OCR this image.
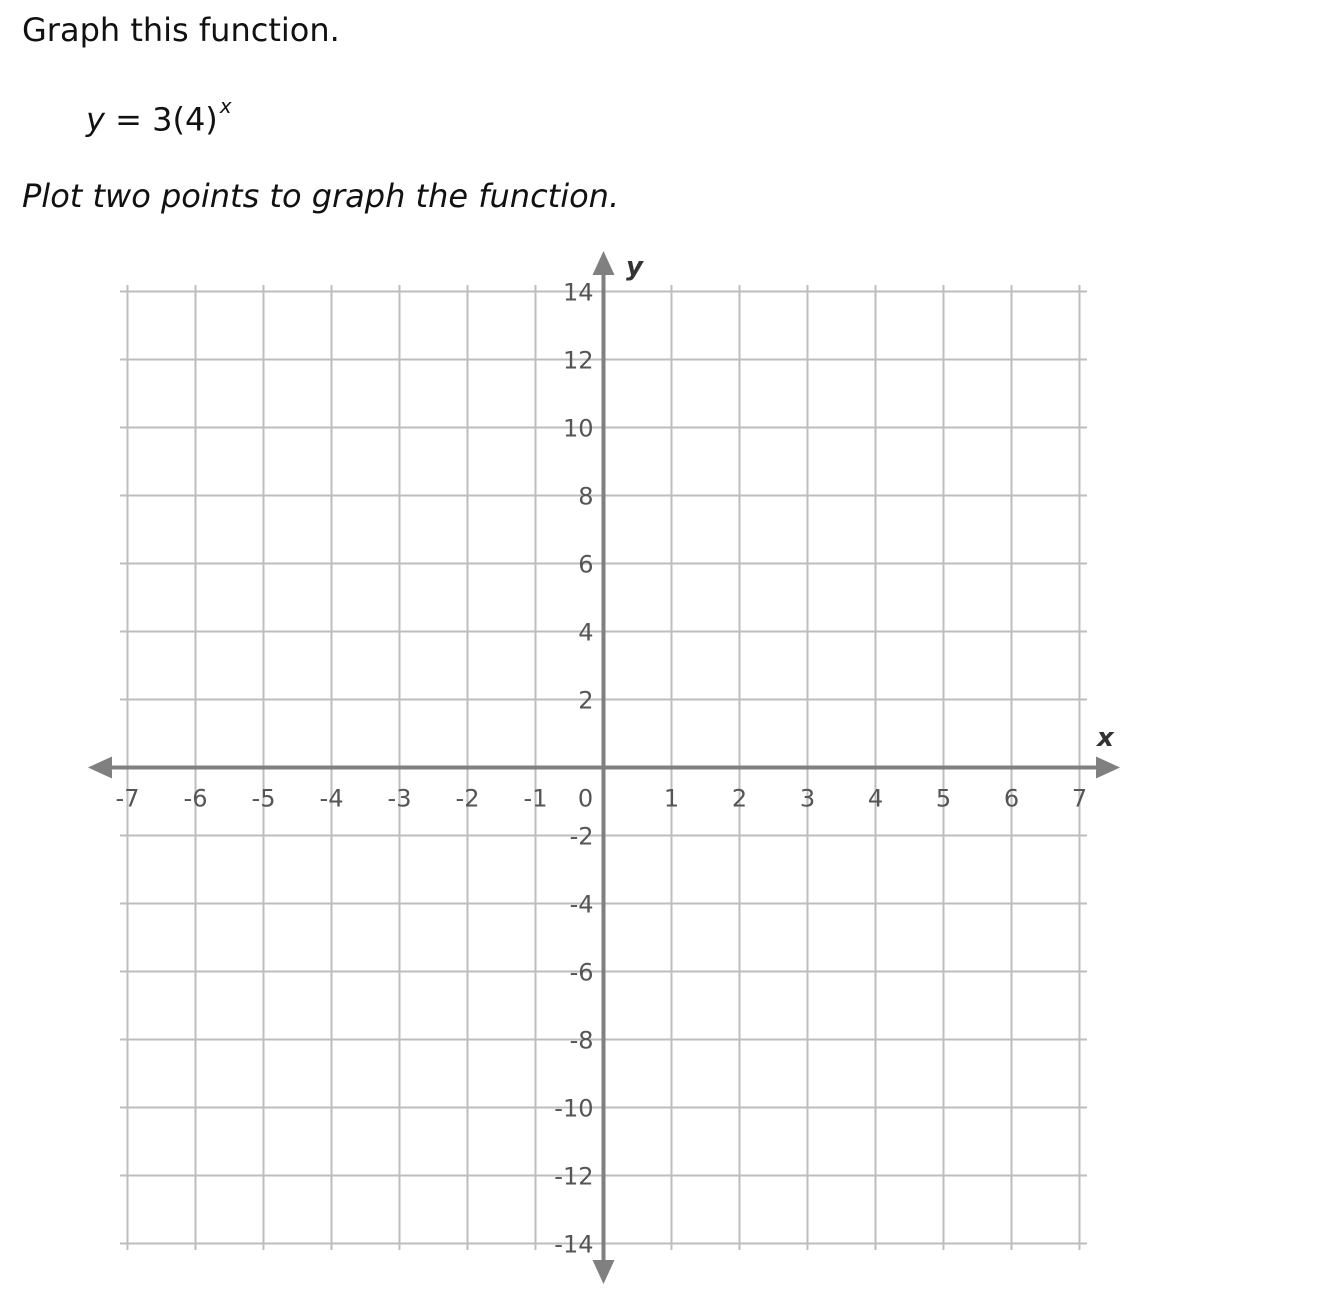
Graph this function.
y = 3(4) $^x$
Plot two points to graph the function.
-7 -6 -5 -4 -3 -2 -1	1 2 3 4 5 6 7
0
14
12
10
8
6
4
2
-2
-4
-6
-8
-10
-12
-14
x
y
